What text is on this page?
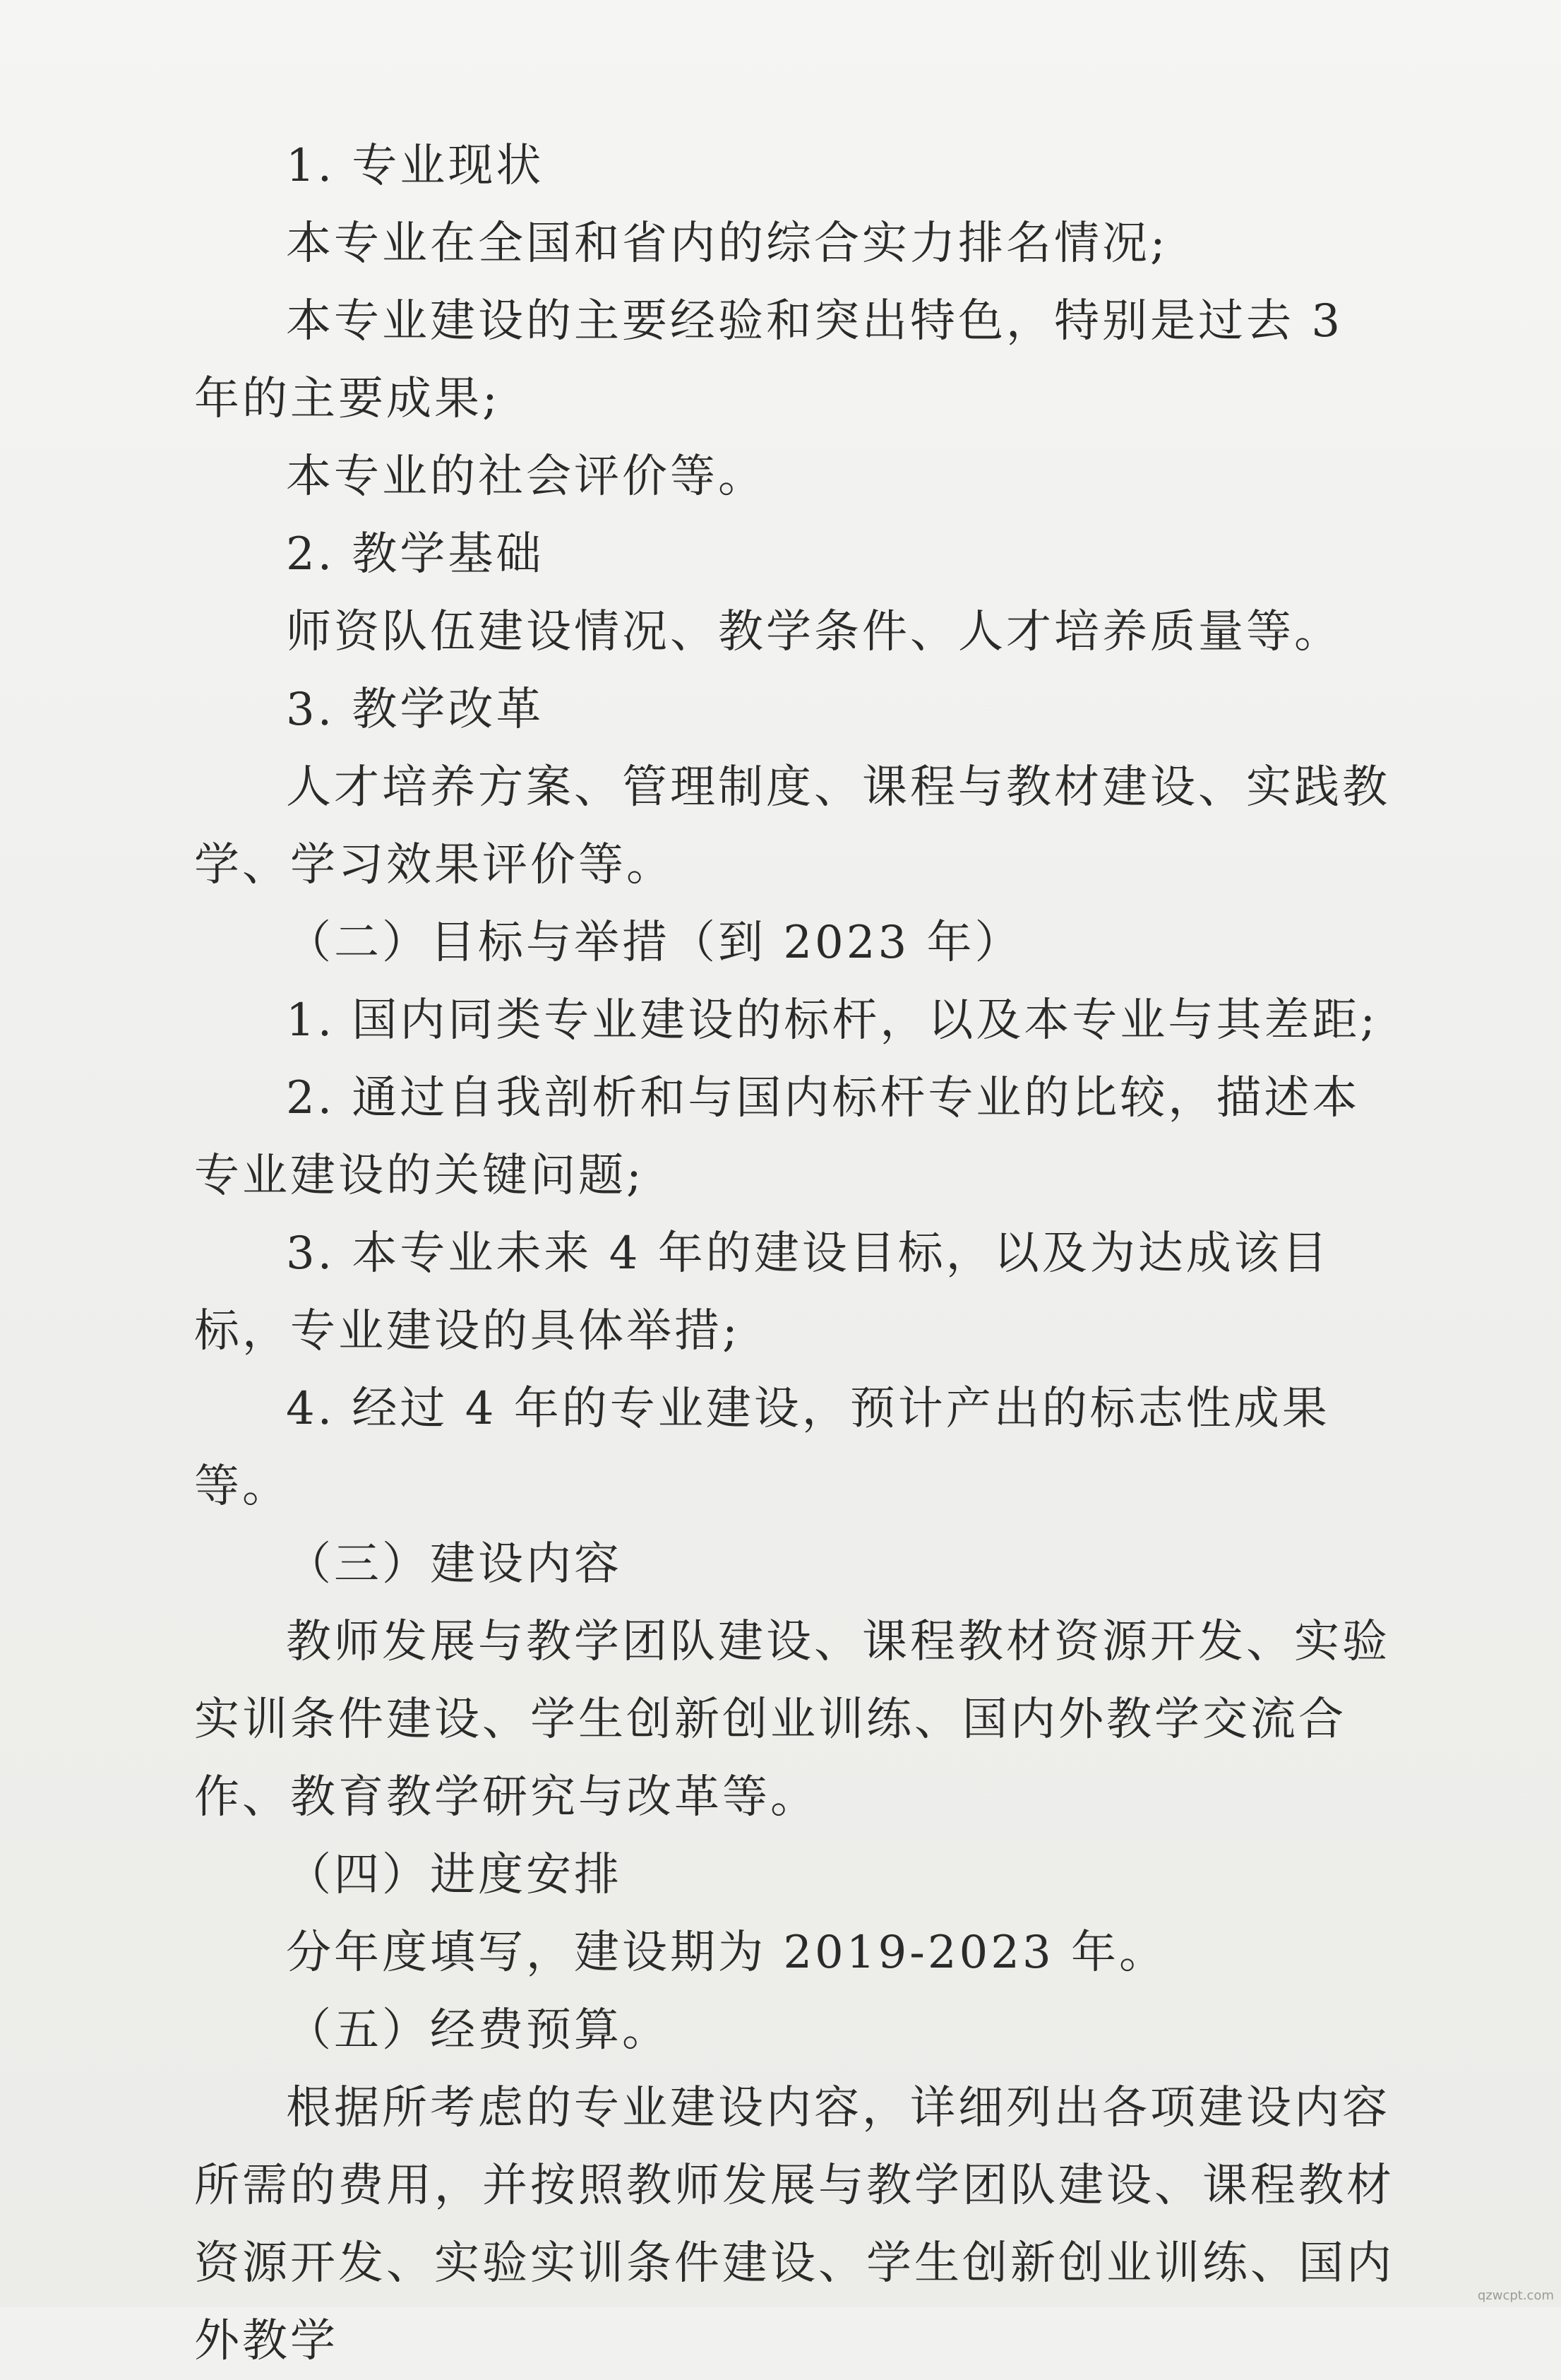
1. 专业现状

本专业在全国和省内的综合实力排名情况;

本专业建设的主要经验和突出特色，特别是过去 3 年的主要成果;

本专业的社会评价等。

2. 教学基础

师资队伍建设情况、教学条件、人才培养质量等。

3. 教学改革

人才培养方案、管理制度、课程与教材建设、实践教学、学习效果评价等。

（二）目标与举措（到 2023 年）

1. 国内同类专业建设的标杆，以及本专业与其差距;

2. 通过自我剖析和与国内标杆专业的比较，描述本专业建设的关键问题;

3. 本专业未来 4 年的建设目标，以及为达成该目标，专业建设的具体举措;

4. 经过 4 年的专业建设，预计产出的标志性成果等。

（三）建设内容

教师发展与教学团队建设、课程教材资源开发、实验实训条件建设、学生创新创业训练、国内外教学交流合作、教育教学研究与改革等。

（四）进度安排

分年度填写，建设期为 2019-2023 年。

（五）经费预算。

根据所考虑的专业建设内容，详细列出各项建设内容所需的费用，并按照教师发展与教学团队建设、课程教材资源开发、实验实训条件建设、学生创新创业训练、国内外教学

qzwcpt.com
